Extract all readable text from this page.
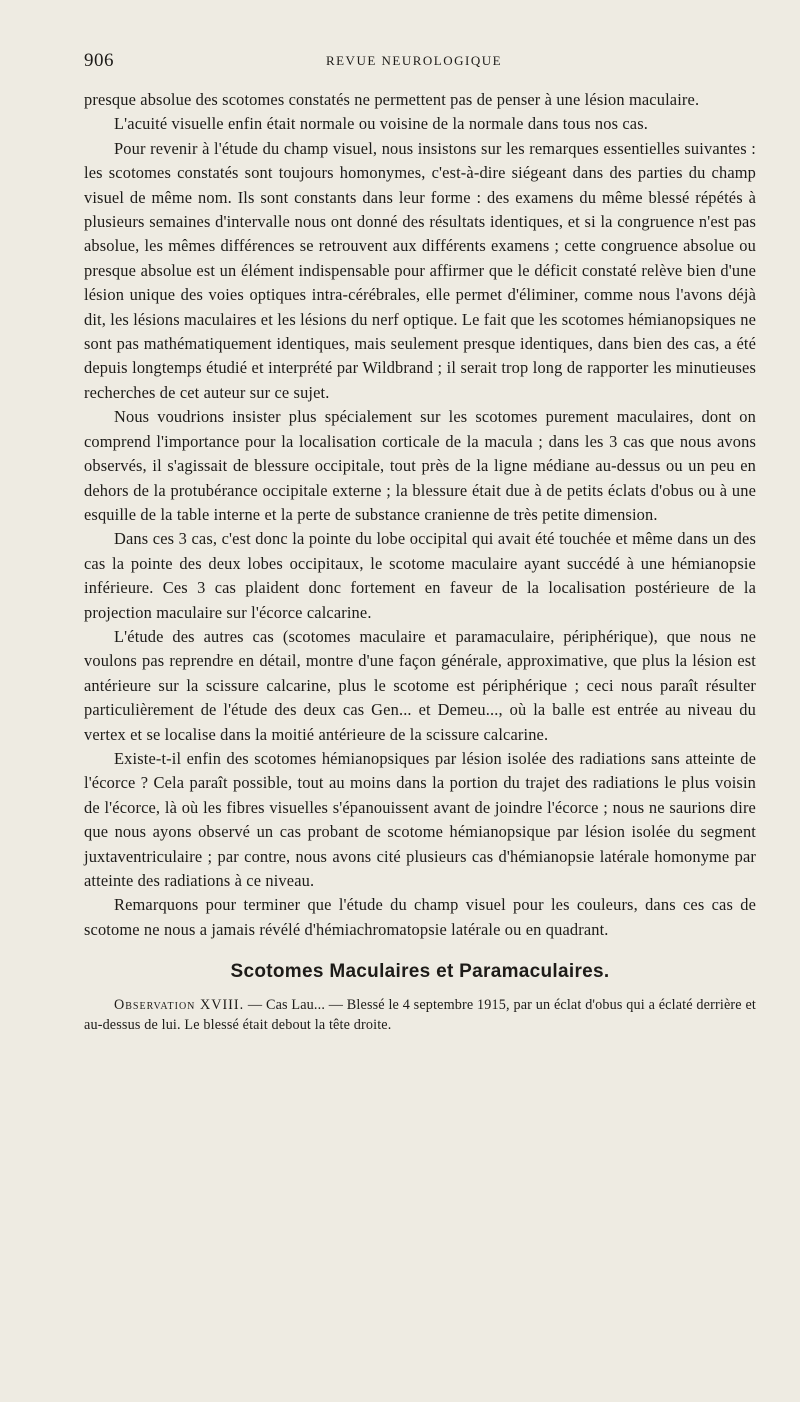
906	REVUE NEUROLOGIQUE

presque absolue des scotomes constatés ne permettent pas de penser à une lésion maculaire.

L'acuité visuelle enfin était normale ou voisine de la normale dans tous nos cas.

Pour revenir à l'étude du champ visuel, nous insistons sur les remarques essentielles suivantes : les scotomes constatés sont toujours homonymes, c'est-à-dire siégeant dans des parties du champ visuel de même nom. Ils sont constants dans leur forme : des examens du même blessé répétés à plusieurs semaines d'intervalle nous ont donné des résultats identiques, et si la congruence n'est pas absolue, les mêmes différences se retrouvent aux différents examens ; cette congruence absolue ou presque absolue est un élément indispensable pour affirmer que le déficit constaté relève bien d'une lésion unique des voies optiques intra-cérébrales, elle permet d'éliminer, comme nous l'avons déjà dit, les lésions maculaires et les lésions du nerf optique. Le fait que les scotomes hémianopsiques ne sont pas mathématiquement identiques, mais seulement presque identiques, dans bien des cas, a été depuis longtemps étudié et interprété par Wildbrand ; il serait trop long de rapporter les minutieuses recherches de cet auteur sur ce sujet.

Nous voudrions insister plus spécialement sur les scotomes purement maculaires, dont on comprend l'importance pour la localisation corticale de la macula ; dans les 3 cas que nous avons observés, il s'agissait de blessure occipitale, tout près de la ligne médiane au-dessus ou un peu en dehors de la protubérance occipitale externe ; la blessure était due à de petits éclats d'obus ou à une esquille de la table interne et la perte de substance cranienne de très petite dimension.

Dans ces 3 cas, c'est donc la pointe du lobe occipital qui avait été touchée et même dans un des cas la pointe des deux lobes occipitaux, le scotome maculaire ayant succédé à une hémianopsie inférieure. Ces 3 cas plaident donc fortement en faveur de la localisation postérieure de la projection maculaire sur l'écorce calcarine.

L'étude des autres cas (scotomes maculaire et paramaculaire, périphérique), que nous ne voulons pas reprendre en détail, montre d'une façon générale, approximative, que plus la lésion est antérieure sur la scissure calcarine, plus le scotome est périphérique ; ceci nous paraît résulter particulièrement de l'étude des deux cas Gen... et Demeu..., où la balle est entrée au niveau du vertex et se localise dans la moitié antérieure de la scissure calcarine.

Existe-t-il enfin des scotomes hémianopsiques par lésion isolée des radiations sans atteinte de l'écorce ? Cela paraît possible, tout au moins dans la portion du trajet des radiations le plus voisin de l'écorce, là où les fibres visuelles s'épanouissent avant de joindre l'écorce ; nous ne saurions dire que nous ayons observé un cas probant de scotome hémianopsique par lésion isolée du segment juxtaventriculaire ; par contre, nous avons cité plusieurs cas d'hémianopsie latérale homonyme par atteinte des radiations à ce niveau.

Remarquons pour terminer que l'étude du champ visuel pour les couleurs, dans ces cas de scotome ne nous a jamais révélé d'hémiachromatopsie latérale ou en quadrant.

Scotomes Maculaires et Paramaculaires.

Observation XVIII. — Cas Lau... — Blessé le 4 septembre 1915, par un éclat d'obus qui a éclaté derrière et au-dessus de lui. Le blessé était debout la tête droite.
